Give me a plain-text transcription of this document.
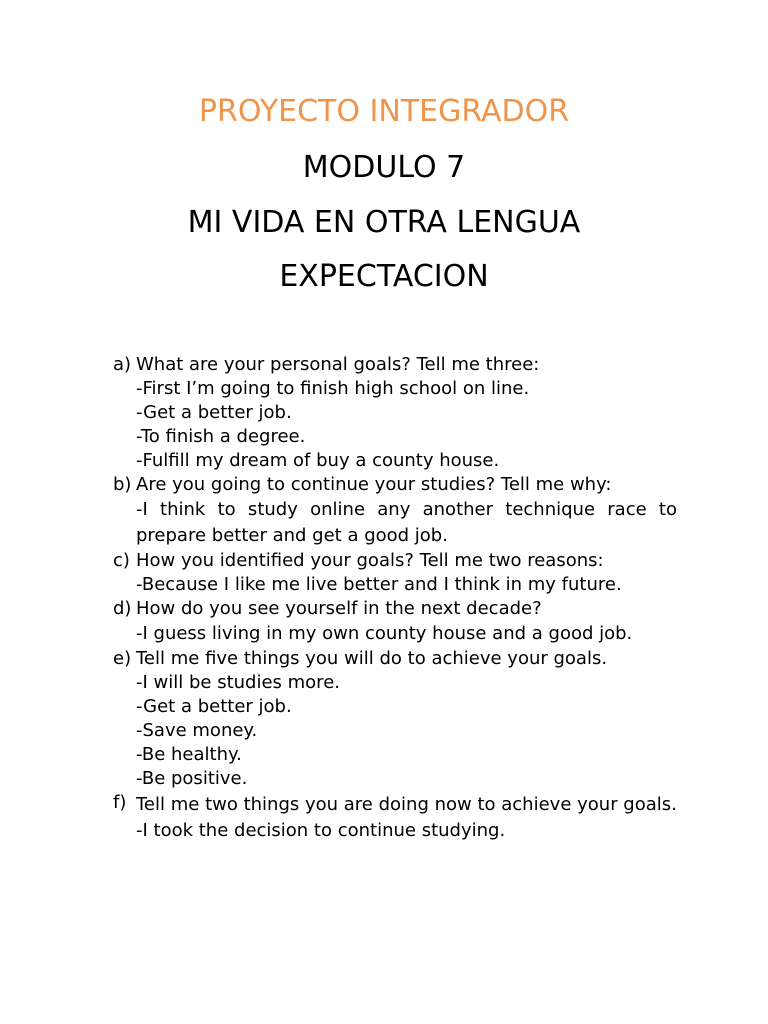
PROYECTO INTEGRADOR
MODULO 7
MI VIDA EN OTRA LENGUA
EXPECTACION
a) What are your personal goals? Tell me three:
-First I’m going to finish high school on line.
-Get a better job.
-To finish a degree.
-Fulfill my dream of buy a county house.
b) Are you going to continue your studies? Tell me why:
-I think to study online any another technique race to prepare better and get a good job.
c) How you identified your goals? Tell me two reasons:
-Because I like me live better and I think in my future.
d) How do you see yourself in the next decade?
-I guess living in my own county house and a good job.
e) Tell me five things you will do to achieve your goals.
-I will be studies more.
-Get a better job.
-Save money.
-Be healthy.
-Be positive.
f) Tell me two things you are doing now to achieve your goals.
-I took the decision to continue studying.
